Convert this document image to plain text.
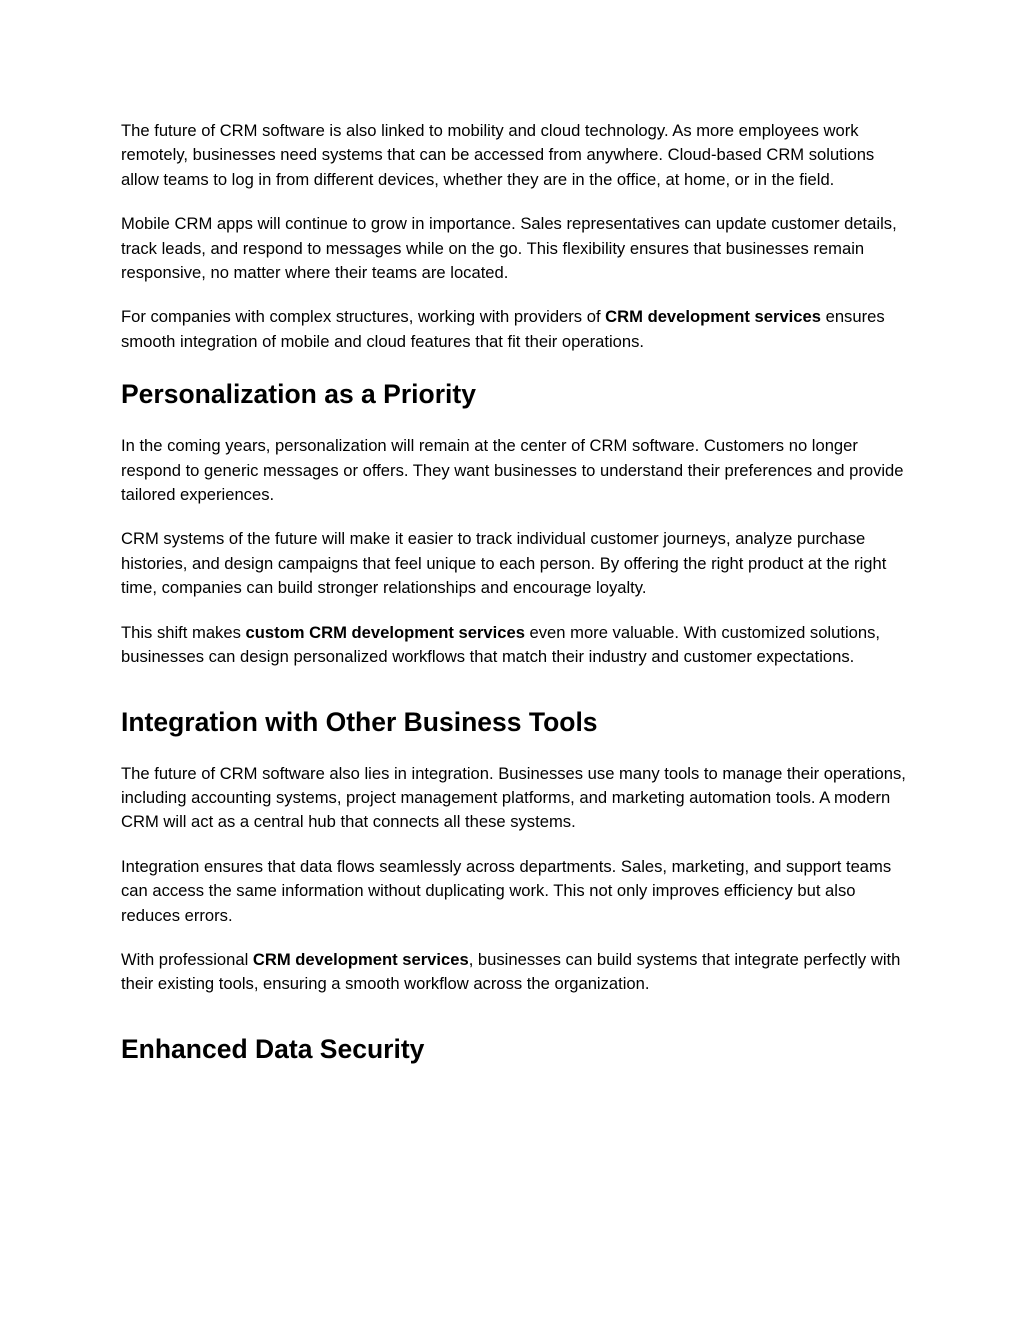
The future of CRM software is also linked to mobility and cloud technology. As more employees work remotely, businesses need systems that can be accessed from anywhere. Cloud-based CRM solutions allow teams to log in from different devices, whether they are in the office, at home, or in the field.

Mobile CRM apps will continue to grow in importance. Sales representatives can update customer details, track leads, and respond to messages while on the go. This flexibility ensures that businesses remain responsive, no matter where their teams are located.

For companies with complex structures, working with providers of CRM development services ensures smooth integration of mobile and cloud features that fit their operations.

Personalization as a Priority

In the coming years, personalization will remain at the center of CRM software. Customers no longer respond to generic messages or offers. They want businesses to understand their preferences and provide tailored experiences.

CRM systems of the future will make it easier to track individual customer journeys, analyze purchase histories, and design campaigns that feel unique to each person. By offering the right product at the right time, companies can build stronger relationships and encourage loyalty.

This shift makes custom CRM development services even more valuable. With customized solutions, businesses can design personalized workflows that match their industry and customer expectations.

Integration with Other Business Tools

The future of CRM software also lies in integration. Businesses use many tools to manage their operations, including accounting systems, project management platforms, and marketing automation tools. A modern CRM will act as a central hub that connects all these systems.

Integration ensures that data flows seamlessly across departments. Sales, marketing, and support teams can access the same information without duplicating work. This not only improves efficiency but also reduces errors.

With professional CRM development services, businesses can build systems that integrate perfectly with their existing tools, ensuring a smooth workflow across the organization.

Enhanced Data Security
